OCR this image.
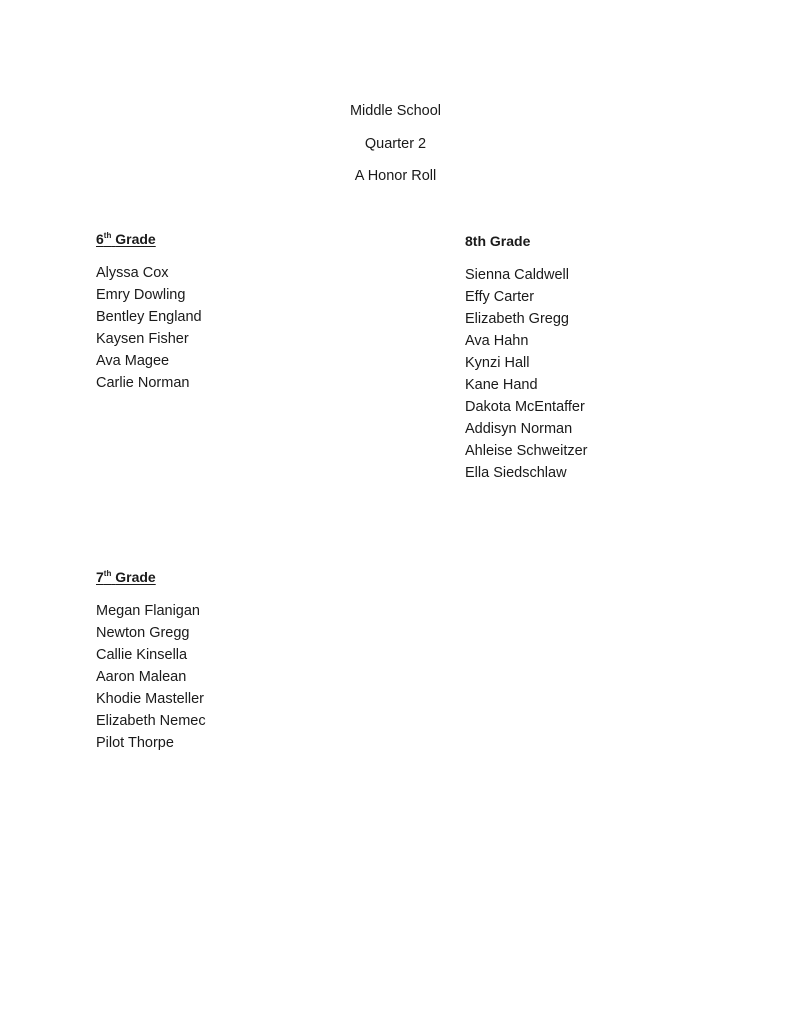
Middle School

Quarter 2

A Honor Roll

6th Grade
Alyssa Cox
Emry Dowling
Bentley England
Kaysen Fisher
Ava Magee
Carlie Norman
8th Grade
Sienna Caldwell
Effy Carter
Elizabeth Gregg
Ava Hahn
Kynzi Hall
Kane Hand
Dakota McEntaffer
Addisyn Norman
Ahleise Schweitzer
Ella Siedschlaw
7th Grade
Megan Flanigan
Newton Gregg
Callie Kinsella
Aaron Malean
Khodie Masteller
Elizabeth Nemec
Pilot Thorpe
